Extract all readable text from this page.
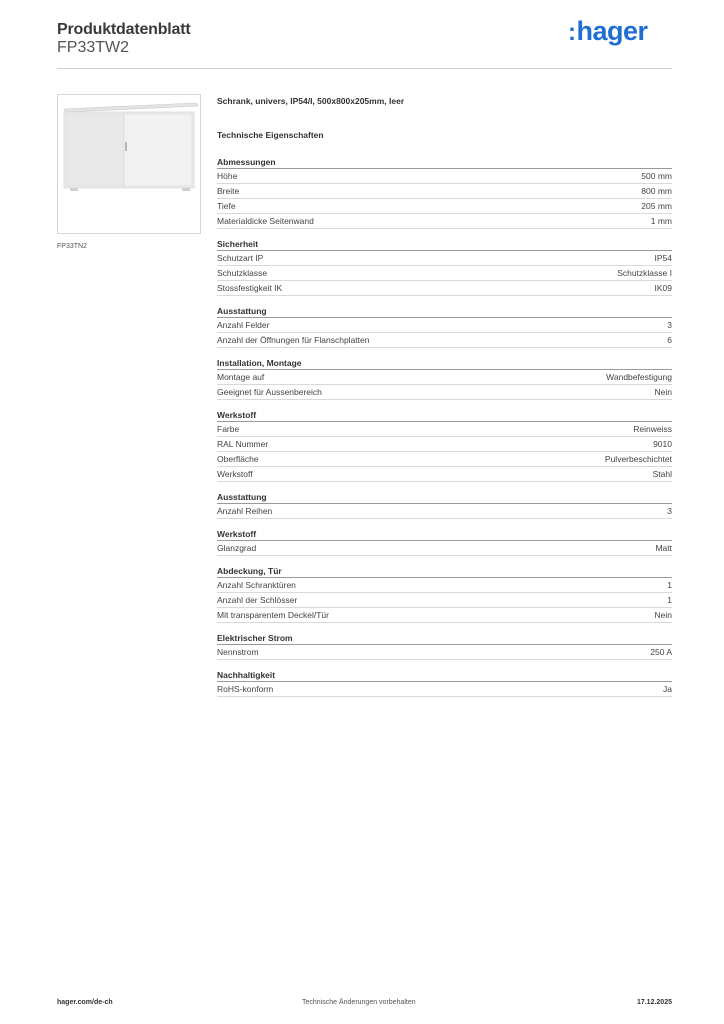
Produktdatenblatt
FP33TW2
:hager
FP33TN2
Schrank, univers, IP54/I, 500x800x205mm, leer
Technische Eigenschaften
Abmessungen
Höhe	500 mm
Breite	800 mm
Tiefe	205 mm
Materialdicke Seitenwand	1 mm
Sicherheit
Schutzart IP	IP54
Schutzklasse	Schutzklasse I
Stossfestigkeit IK	IK09
Ausstattung
Anzahl Felder	3
Anzahl der Öffnungen für Flanschplatten	6
Installation, Montage
Montage auf	Wandbefestigung
Geeignet für Aussenbereich	Nein
Werkstoff
Farbe	Reinweiss
RAL Nummer	9010
Oberfläche	Pulverbeschichtet
Werkstoff	Stahl
Ausstattung
Anzahl Reihen	3
Werkstoff
Glanzgrad	Matt
Abdeckung, Tür
Anzahl Schranktüren	1
Anzahl der Schlösser	1
Mit transparentem Deckel/Tür	Nein
Elektrischer Strom
Nennstrom	250 A
Nachhaltigkeit
RoHS-konform	Ja
hager.com/de-ch	Technische Änderungen vorbehalten	17.12.2025
